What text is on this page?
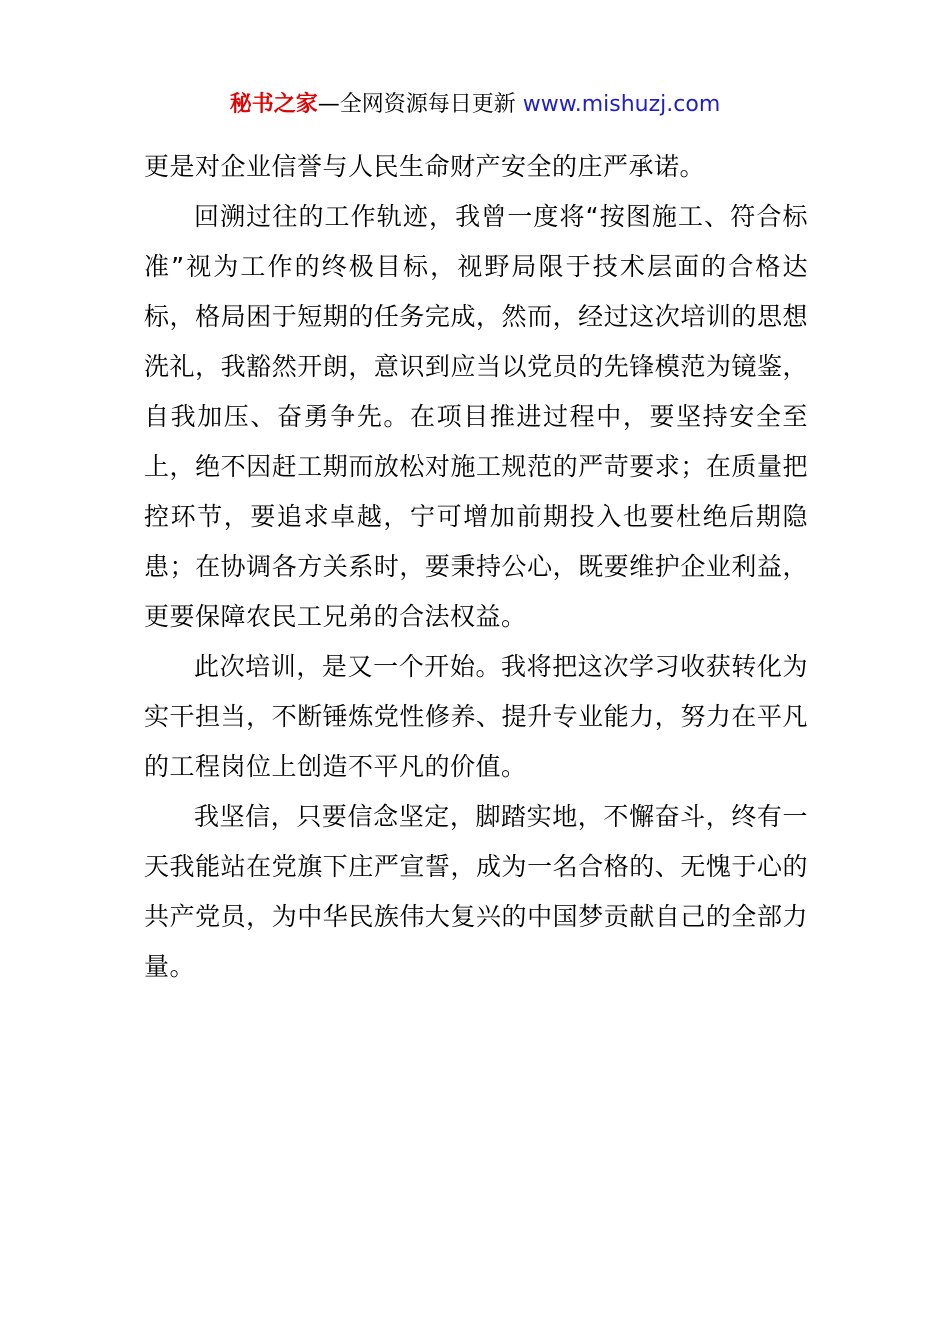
秘书之家—全网资源每日更新 www.mishuzj.com

更是对企业信誉与人民生命财产安全的庄严承诺。

回溯过往的工作轨迹，我曾一度将“按图施工、符合标准”视为工作的终极目标，视野局限于技术层面的合格达标，格局困于短期的任务完成，然而，经过这次培训的思想洗礼，我豁然开朗，意识到应当以党员的先锋模范为镜鉴，自我加压、奋勇争先。在项目推进过程中，要坚持安全至上，绝不因赶工期而放松对施工规范的严苛要求；在质量把控环节，要追求卓越，宁可增加前期投入也要杜绝后期隐患；在协调各方关系时，要秉持公心，既要维护企业利益，更要保障农民工兄弟的合法权益。

此次培训，是又一个开始。我将把这次学习收获转化为实干担当，不断锤炼党性修养、提升专业能力，努力在平凡的工程岗位上创造不平凡的价值。

我坚信，只要信念坚定，脚踏实地，不懈奋斗，终有一天我能站在党旗下庄严宣誓，成为一名合格的、无愧于心的共产党员，为中华民族伟大复兴的中国梦贡献自己的全部力量。
